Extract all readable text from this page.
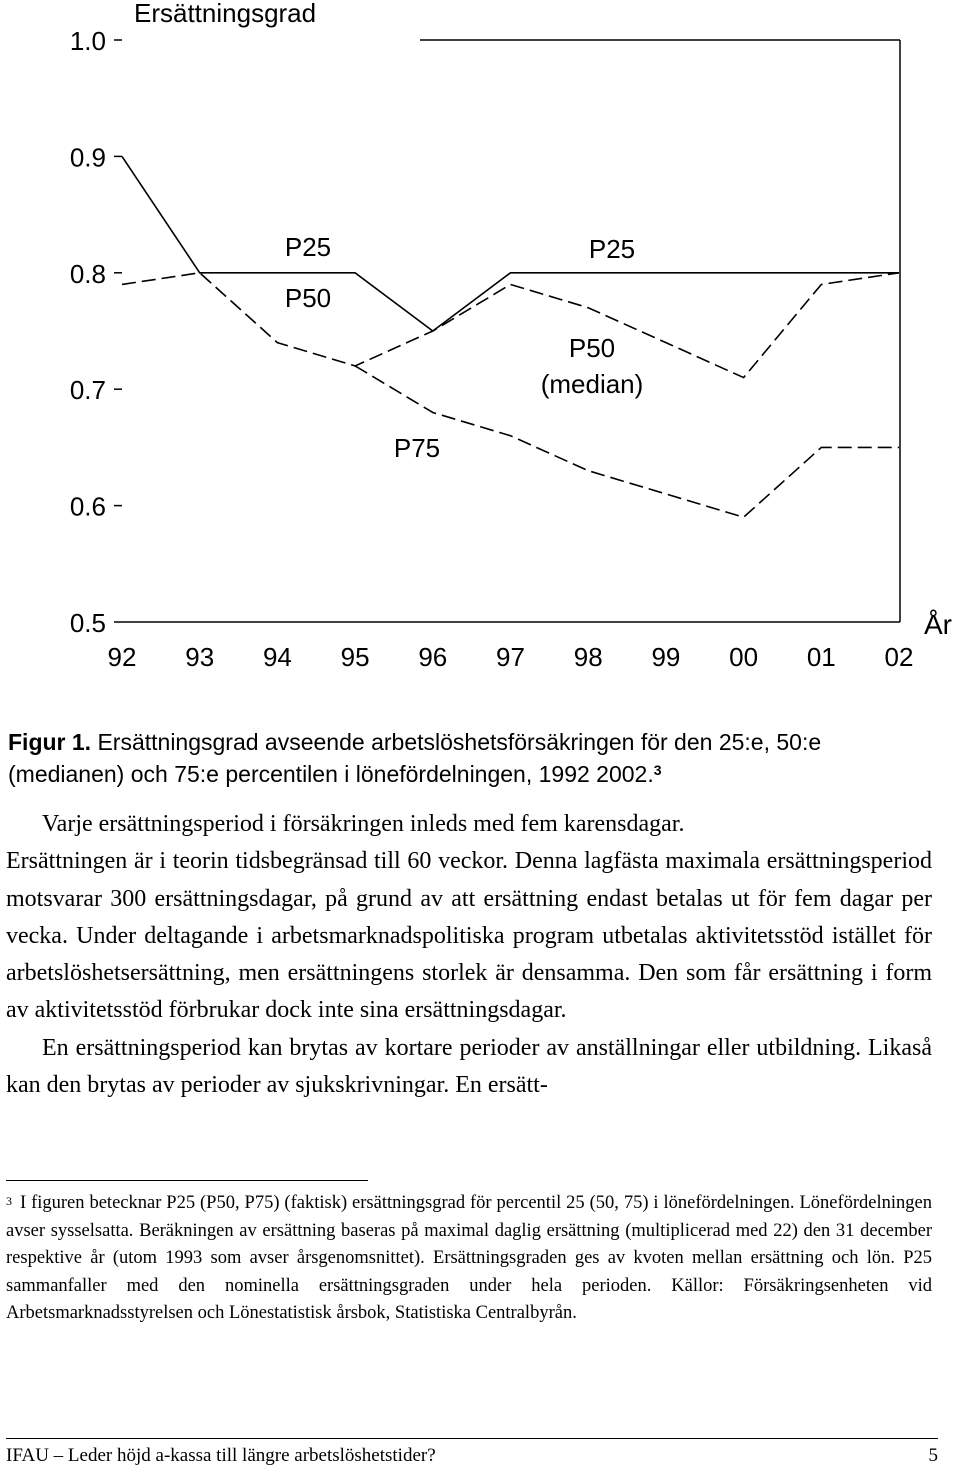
Ersättningsgrad
År
1.0
0.9
0.8
0.7
0.6
0.5
92 93 94 95 96 97 98 99 00 01 02
P25
P50
P25
P50 (median)
P75
Figur 1. Ersättningsgrad avseende arbetslöshetsförsäkringen för den 25:e, 50:e (medianen) och 75:e percentilen i lönefördelningen, 1992 2002.$^3$

Varje ersättningsperiod i försäkringen inleds med fem karensdagar.

Ersättningen är i teorin tidsbegränsad till 60 veckor. Denna lagfästa maximala ersättningsperiod motsvarar 300 ersättningsdagar, på grund av att ersättning endast betalas ut för fem dagar per vecka. Under deltagande i arbetsmarknadspolitiska program utbetalas aktivitetsstöd istället för arbetslöshetsersättning, men ersättningens storlek är densamma. Den som får ersättning i form av aktivitetsstöd förbrukar dock inte sina ersättningsdagar.

En ersättningsperiod kan brytas av kortare perioder av anställningar eller utbildning. Likaså kan den brytas av perioder av sjukskrivningar. En ersätt-

$^3$ I figuren betecknar P25 (P50, P75) (faktisk) ersättningsgrad för percentil 25 (50, 75) i lönefördelningen. Lönefördelningen avser sysselsatta. Beräkningen av ersättning baseras på maximal daglig ersättning (multiplicerad med 22) den 31 december respektive år (utom 1993 som avser årsgenomsnittet). Ersättningsgraden ges av kvoten mellan ersättning och lön. P25 sammanfaller med den nominella ersättningsgraden under hela perioden. Källor: Försäkringsenheten vid Arbetsmarknadsstyrelsen och Lönestatistisk årsbok, Statistiska Centralbyrån.

IFAU – Leder höjd a-kassa till längre arbetslöshetstider?	5
